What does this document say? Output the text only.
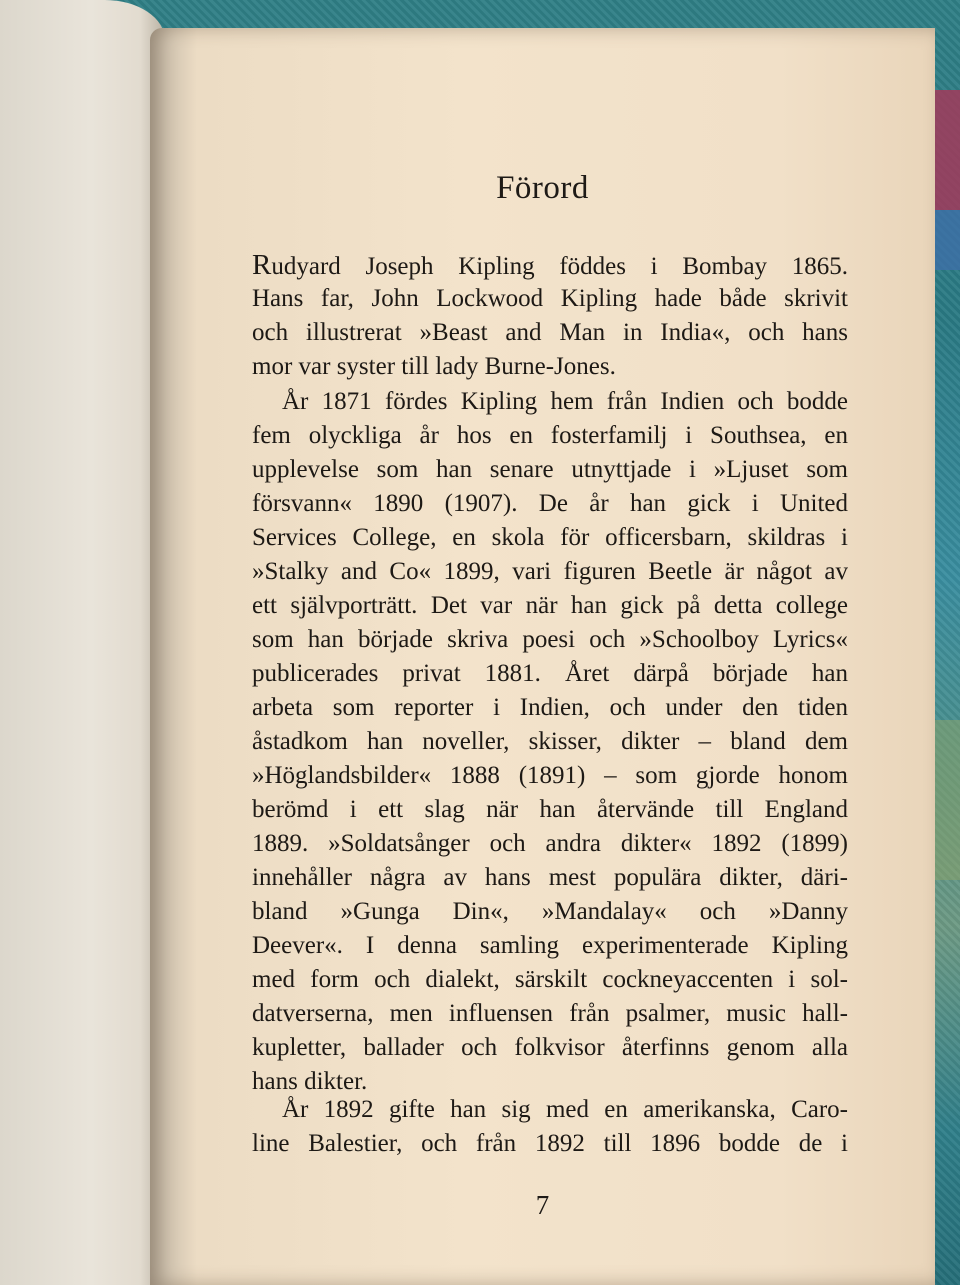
Förord
Rudyard Joseph Kipling föddes i Bombay 1865.
Hans far, John Lockwood Kipling hade både skrivit
och illustrerat »Beast and Man in India«, och hans
mor var syster till lady Burne-Jones.
År 1871 fördes Kipling hem från Indien och bodde
fem olyckliga år hos en fosterfamilj i Southsea, en
upplevelse som han senare utnyttjade i »Ljuset som
försvann« 1890 (1907). De år han gick i United
Services College, en skola för officersbarn, skildras i
»Stalky and Co« 1899, vari figuren Beetle är något av
ett självporträtt. Det var när han gick på detta college
som han började skriva poesi och »Schoolboy Lyrics«
publicerades privat 1881. Året därpå började han
arbeta som reporter i Indien, och under den tiden
åstadkom han noveller, skisser, dikter – bland dem
»Höglandsbilder« 1888 (1891) – som gjorde honom
berömd i ett slag när han återvände till England
1889. »Soldatsånger och andra dikter« 1892 (1899)
innehåller några av hans mest populära dikter, däri-
bland »Gunga Din«, »Mandalay« och »Danny
Deever«. I denna samling experimenterade Kipling
med form och dialekt, särskilt cockneyaccenten i sol-
datverserna, men influensen från psalmer, music hall-
kupletter, ballader och folkvisor återfinns genom alla
hans dikter.
År 1892 gifte han sig med en amerikanska, Caro-
line Balestier, och från 1892 till 1896 bodde de i
7
